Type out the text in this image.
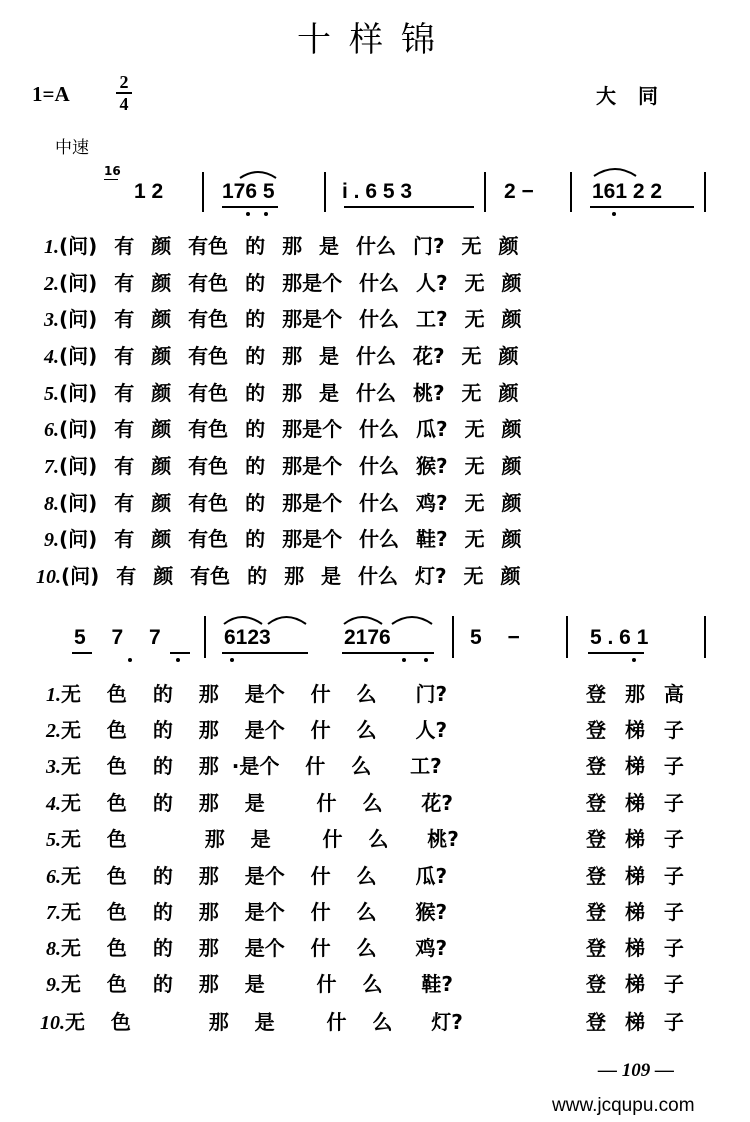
十样锦
1=A	2
4	大同
中速
16
1 2	176 5	i . 6 5 3	2 −	161 2 2
1.(问) 有 颜 有色 的 那 是 什么 门? 无 颜
2.(问) 有 颜 有色 的 那是个 什么 人? 无 颜
3.(问) 有 颜 有色 的 那是个 什么 工? 无 颜
4.(问) 有 颜 有色 的 那 是 什么 花? 无 颜
5.(问) 有 颜 有色 的 那 是 什么 桃? 无 颜
6.(问) 有 颜 有色 的 那是个 什么 瓜? 无 颜
7.(问) 有 颜 有色 的 那是个 什么 猴? 无 颜
8.(问) 有 颜 有色 的 那是个 什么 鸡? 无 颜
9.(问) 有 颜 有色 的 那是个 什么 鞋? 无 颜
10.(问) 有 颜 有色 的 那 是 什么 灯? 无 颜
5 7 7	6123	2176	5 −	5 . 6 1
1.无  色  的  那  是个  什  么   门?	登 那 高
2.无  色  的  那  是个  什  么   人?	登 梯 子
3.无  色  的  那 ·是个  什  么   工?	登 梯 子
4.无  色  的  那  是    什  么   花?	登 梯 子
5.无  色      那  是    什  么   桃?	登 梯 子
6.无  色  的  那  是个  什  么   瓜?	登 梯 子
7.无  色  的  那  是个  什  么   猴?	登 梯 子
8.无  色  的  那  是个  什  么   鸡?	登 梯 子
9.无  色  的  那  是    什  么   鞋?	登 梯 子
10.无  色      那  是    什  么   灯?	登 梯 子
— 109 —
www.jcqupu.com
